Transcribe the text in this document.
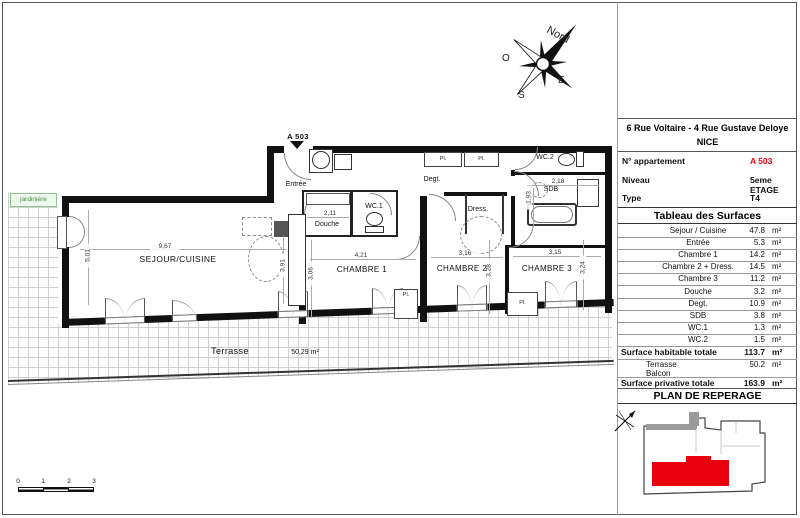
jardinière
Pl.	Pl.
Pl.
Pl.
9,67
5,01
3,91
4,21
3,06
3,16
3,28
3,15
3,24
2,11
2,18
1,93
SEJOUR/CUISINE
Entrée
Douche
WC.1
Degt.
Dress.
CHAMBRE 1	CHAMBRE 2	CHAMBRE 3
SDB
WC.2
Terrasse	50,29 m²
A 503
Nord
O
E
S
0	1	2	3
6 Rue Voltaire - 4 Rue Gustave Deloye
NICE
N° appartement	A 503
Niveau	5eme ETAGE
Type	T4
Tableau des Surfaces
Sejour / Cuisine	47.8 m²
Entrée	5.3 m²
Chambre 1	14.2 m²
Chambre 2 + Dress.	14.5 m²
Chambre 3	11.2 m²
Douche	3.2 m²
Degt.	10.9 m²
SDB	3.8 m²
WC.1	1.3 m²
WC.2	1.5 m²
Surface habitable totale	113.7 m²
Terrasse	50.2 m²
Balcon
Surface privative totale	163.9 m²
PLAN DE REPERAGE
